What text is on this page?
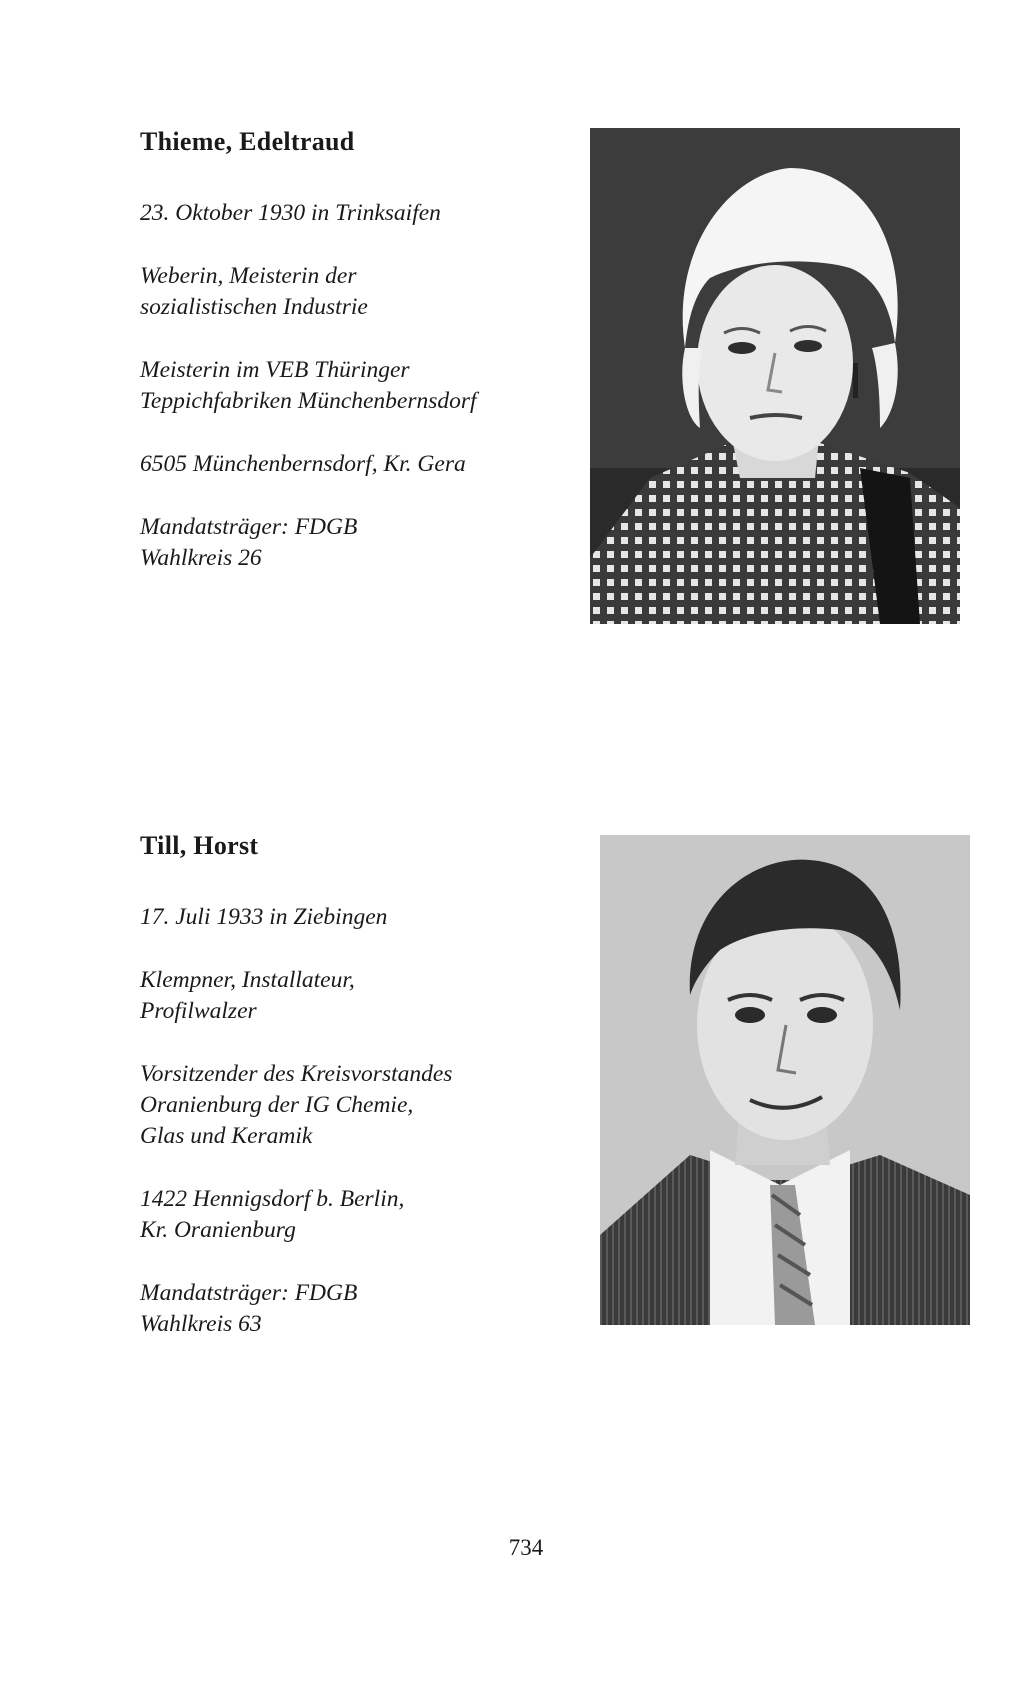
Thieme, Edeltraud
23. Oktober 1930 in Trinksaifen
Weberin, Meisterin der
sozialistischen Industrie
Meisterin im VEB Thüringer
Teppichfabriken Münchenbernsdorf
6505 Münchenbernsdorf, Kr. Gera
Mandatsträger: FDGB
Wahlkreis 26
Till, Horst
17. Juli 1933 in Ziebingen
Klempner, Installateur,
Profilwalzer
Vorsitzender des Kreisvorstandes
Oranienburg der IG Chemie,
Glas und Keramik
1422 Hennigsdorf b. Berlin,
Kr. Oranienburg
Mandatsträger: FDGB
Wahlkreis 63
734
